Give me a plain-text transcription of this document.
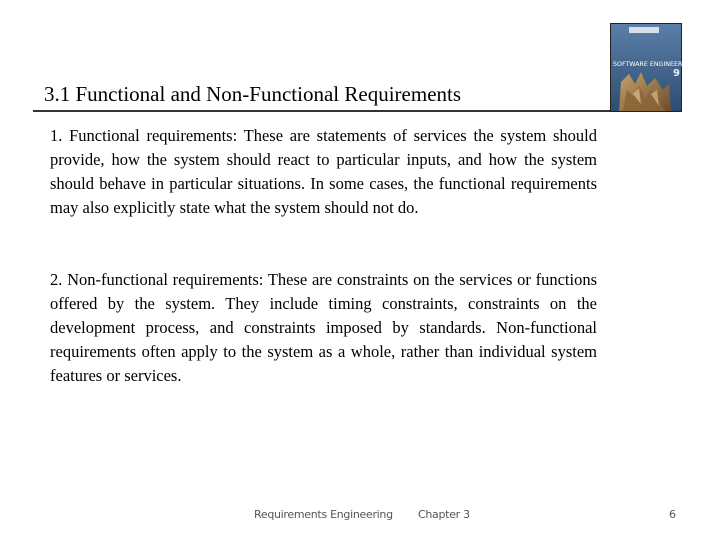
3.1 Functional and Non-Functional Requirements
SOFTWARE ENGINEERING
9

1. Functional requirements: These are statements of services the system should provide, how the system should react to particular inputs, and how the system should behave in particular situations. In some cases, the functional requirements may also explicitly state what the system should not do.

2. Non-functional requirements: These are constraints on the services or functions offered by the system. They include timing constraints, constraints on the development process, and constraints imposed by standards. Non-functional requirements often apply to the system as a whole, rather than individual system features or services.

Requirements Engineering Chapter 3	6
